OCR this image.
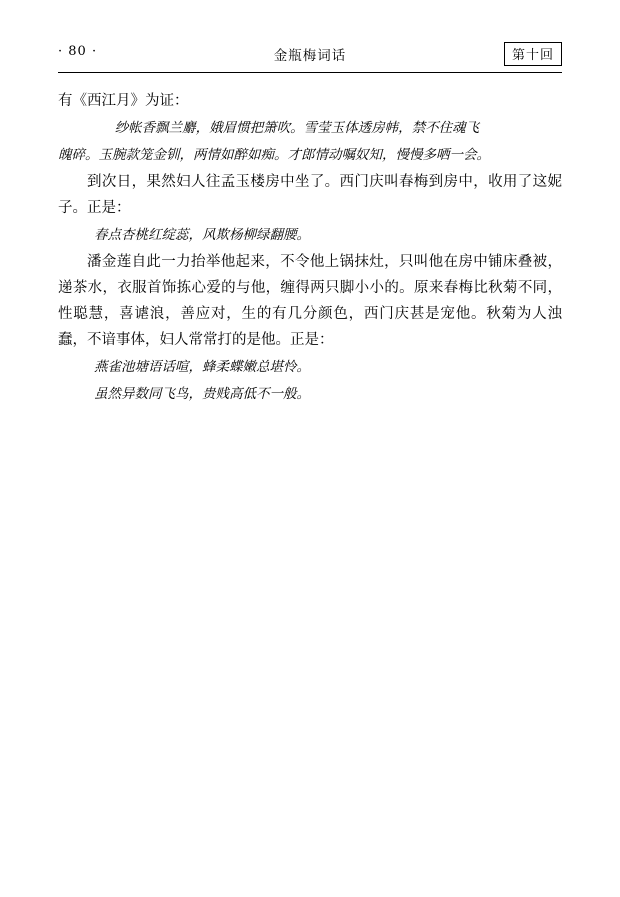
· 80 ·	金瓶梅词话	第十回

有《西江月》为证：

纱帐香飘兰麝，娥眉惯把箫吹。雪莹玉体透房帏，禁不住魂飞

魄碎。玉腕款笼金钏，两情如醉如痴。才郎情动嘱奴知，慢慢多哂一会。

到次日，果然妇人往孟玉楼房中坐了。西门庆叫春梅到房中，收用了这妮子。正是：

春点杏桃红绽蕊，风欺杨柳绿翻腰。

潘金莲自此一力抬举他起来，不令他上锅抹灶，只叫他在房中铺床叠被，递茶水，衣服首饰拣心爱的与他，缠得两只脚小小的。原来春梅比秋菊不同，性聪慧，喜谑浪，善应对，生的有几分颜色，西门庆甚是宠他。秋菊为人浊蠢，不谙事体，妇人常常打的是他。正是：

燕雀池塘语话喧，蜂柔蝶嫩总堪怜。

虽然异数同飞鸟，贵贱高低不一般。
